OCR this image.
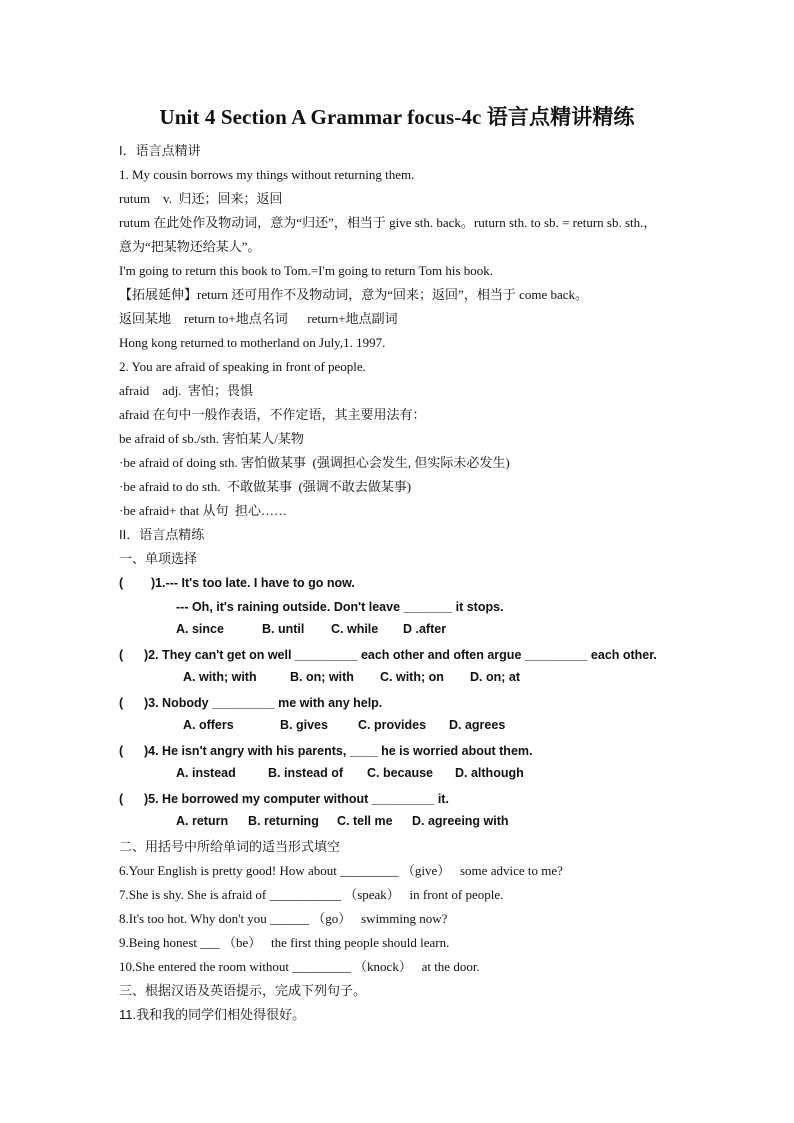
Unit 4 Section A Grammar focus-4c 语言点精讲精练
I．语言点精讲
1. My cousin borrows my things without returning them.
rutum    v.  归还；回来；返回
rutum 在此处作及物动词，意为“归还”，相当于 give sth. back。ruturn sth. to sb. = return sb. sth.，
意为“把某物还给某人”。
I'm going to return this book to Tom.=I'm going to return Tom his book.
【拓展延伸】return 还可用作不及物动词，意为“回来；返回”，相当于 come back。
返回某地    return to+地点名词      return+地点副词
Hong kong returned to motherland on July,1. 1997.
2. You are afraid of speaking in front of people.
afraid    adj.  害怕；畏惧
afraid 在句中一般作表语，不作定语，其主要用法有：
be afraid of sb./sth. 害怕某人/某物
·be afraid of doing sth. 害怕做某事  (强调担心会发生, 但实际未必发生)
·be afraid to do sth.  不敢做某事  (强调不敢去做某事)
·be afraid+ that 从句  担心……
II．语言点精练
一、单项选择
(        )1.--- It's too late. I have to go now.
--- Oh, it's raining outside. Don't leave _______ it stops.
A. since	B. until C. while D .after
(      )2. They can't get on well _________ each other and often argue _________ each other.
A. with; with	B. on; with C. with; on D. on; at
(      )3. Nobody _________ me with any help.
A. offers	B. gives C. provides D. agrees
(      )4. He isn't angry with his parents, ____ he is worried about them.
A. instead	B. instead of C. because D. although
(      )5. He borrowed my computer without _________ it.
A. return B. returning C. tell me D. agreeing with
二、用括号中所给单词的适当形式填空
6.Your English is pretty good! How about _________ （give）   some advice to me?
7.She is shy. She is afraid of ___________ （speak）   in front of people.
8.It's too hot. Why don't you ______ （go）   swimming now?
9.Being honest ___ （be）   the first thing people should learn.
10.She entered the room without _________ （knock）   at the door.
三、根据汉语及英语提示，完成下列句子。
11.我和我的同学们相处得很好。
